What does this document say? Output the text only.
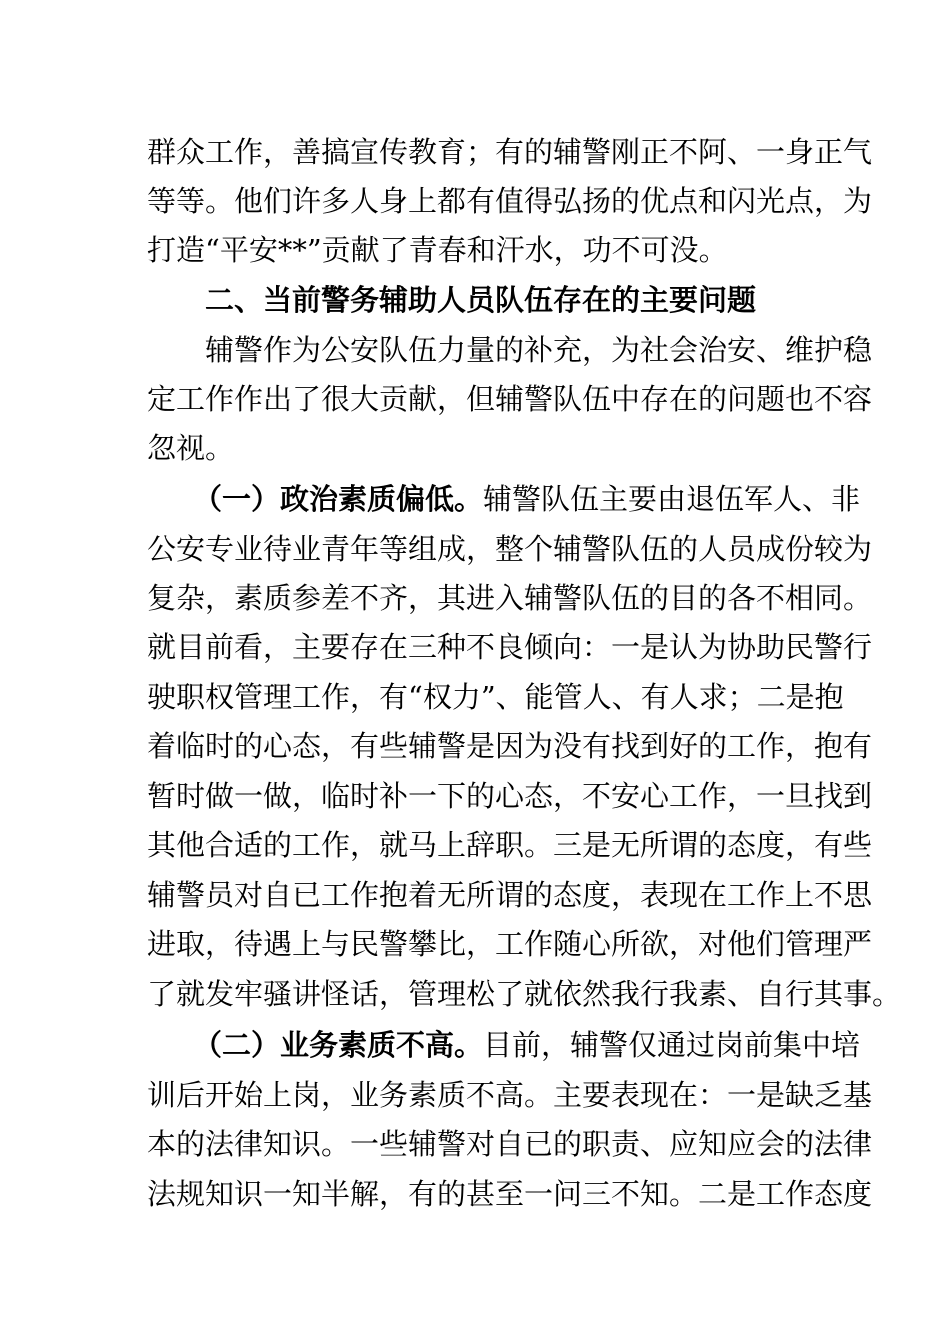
群众工作，善搞宣传教育；有的辅警刚正不阿、一身正气
等等。他们许多人身上都有值得弘扬的优点和闪光点，为
打造“平安**”贡献了青春和汗水，功不可没。
二、当前警务辅助人员队伍存在的主要问题
辅警作为公安队伍力量的补充，为社会治安、维护稳
定工作作出了很大贡献，但辅警队伍中存在的问题也不容
忽视。
（一）政治素质偏低。辅警队伍主要由退伍军人、非
公安专业待业青年等组成，整个辅警队伍的人员成份较为
复杂，素质参差不齐，其进入辅警队伍的目的各不相同。
就目前看，主要存在三种不良倾向：一是认为协助民警行
驶职权管理工作，有“权力”、能管人、有人求；二是抱
着临时的心态，有些辅警是因为没有找到好的工作，抱有
暂时做一做，临时补一下的心态，不安心工作，一旦找到
其他合适的工作，就马上辞职。三是无所谓的态度，有些
辅警员对自已工作抱着无所谓的态度，表现在工作上不思
进取，待遇上与民警攀比，工作随心所欲，对他们管理严
了就发牢骚讲怪话，管理松了就依然我行我素、自行其事。
（二）业务素质不高。目前，辅警仅通过岗前集中培
训后开始上岗，业务素质不高。主要表现在：一是缺乏基
本的法律知识。一些辅警对自已的职责、应知应会的法律
法规知识一知半解，有的甚至一问三不知。二是工作态度
